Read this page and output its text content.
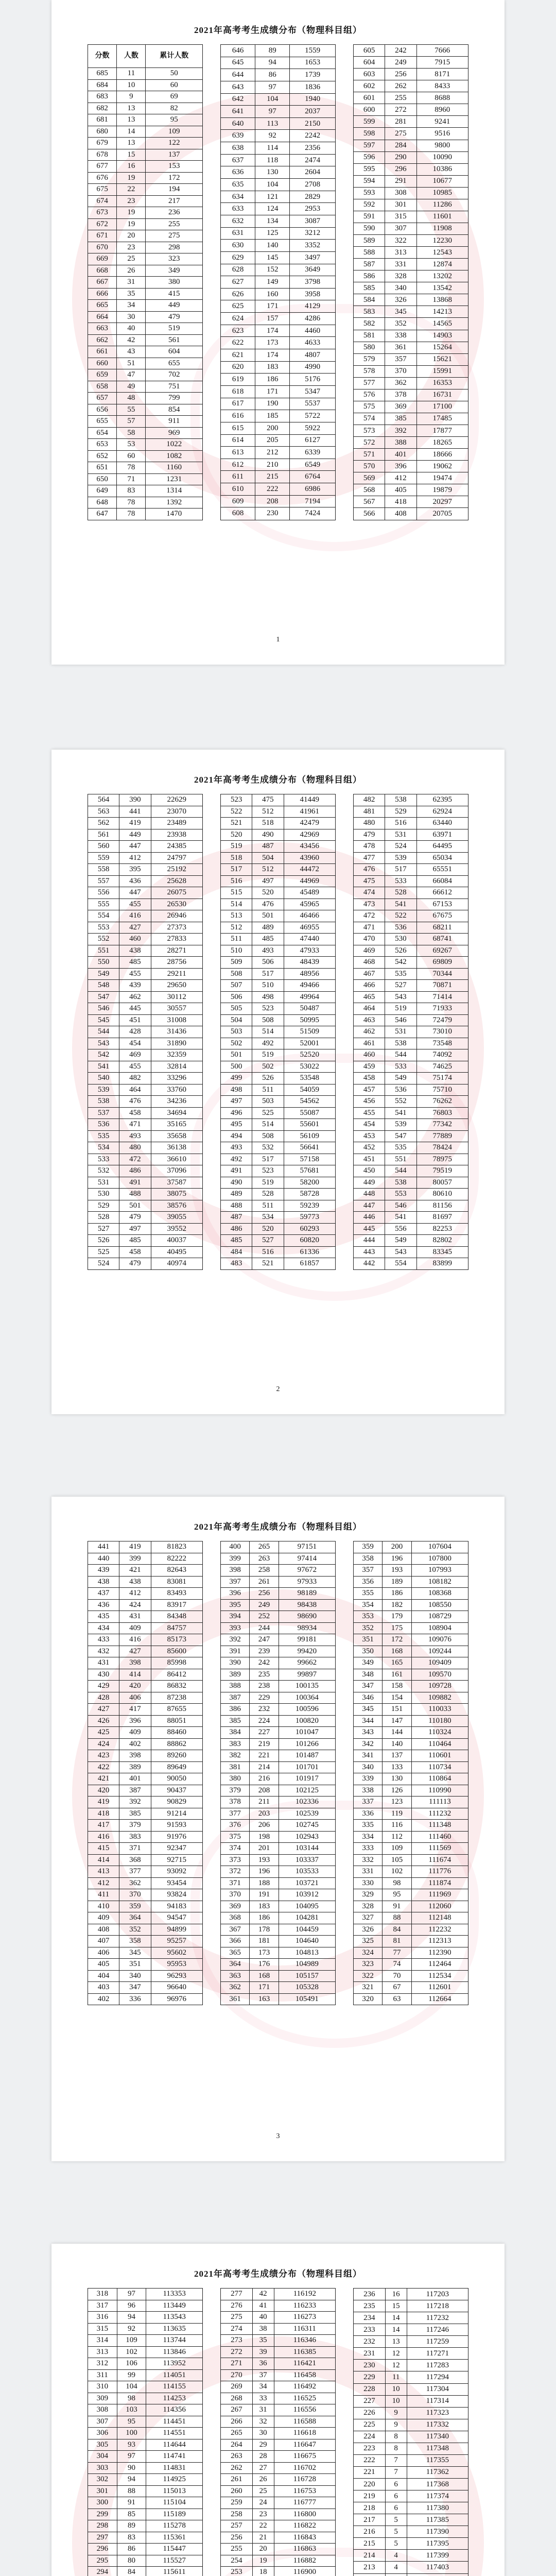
2021年高考考生成绩分布（物理科目组）
分数	人数	累计人数
685	11	50
684	10	60
683	9	69
682	13	82
681	13	95
680	14	109
679	13	122
678	15	137
677	16	153
676	19	172
675	22	194
674	23	217
673	19	236
672	19	255
671	20	275
670	23	298
669	25	323
668	26	349
667	31	380
666	35	415
665	34	449
664	30	479
663	40	519
662	42	561
661	43	604
660	51	655
659	47	702
658	49	751
657	48	799
656	55	854
655	57	911
654	58	969
653	53	1022
652	60	1082
651	78	1160
650	71	1231
649	83	1314
648	78	1392
647	78	1470
646	89	1559
645	94	1653
644	86	1739
643	97	1836
642	104	1940
641	97	2037
640	113	2150
639	92	2242
638	114	2356
637	118	2474
636	130	2604
635	104	2708
634	121	2829
633	124	2953
632	134	3087
631	125	3212
630	140	3352
629	145	3497
628	152	3649
627	149	3798
626	160	3958
625	171	4129
624	157	4286
623	174	4460
622	173	4633
621	174	4807
620	183	4990
619	186	5176
618	171	5347
617	190	5537
616	185	5722
615	200	5922
614	205	6127
613	212	6339
612	210	6549
611	215	6764
610	222	6986
609	208	7194
608	230	7424
605	242	7666
604	249	7915
603	256	8171
602	262	8433
601	255	8688
600	272	8960
599	281	9241
598	275	9516
597	284	9800
596	290	10090
595	296	10386
594	291	10677
593	308	10985
592	301	11286
591	315	11601
590	307	11908
589	322	12230
588	313	12543
587	331	12874
586	328	13202
585	340	13542
584	326	13868
583	345	14213
582	352	14565
581	338	14903
580	361	15264
579	357	15621
578	370	15991
577	362	16353
576	378	16731
575	369	17100
574	385	17485
573	392	17877
572	388	18265
571	401	18666
570	396	19062
569	412	19474
568	405	19879
567	418	20297
566	408	20705
1
2021年高考考生成绩分布（物理科目组）
564	390	22629
563	441	23070
562	419	23489
561	449	23938
560	447	24385
559	412	24797
558	395	25192
557	436	25628
556	447	26075
555	455	26530
554	416	26946
553	427	27373
552	460	27833
551	438	28271
550	485	28756
549	455	29211
548	439	29650
547	462	30112
546	445	30557
545	451	31008
544	428	31436
543	454	31890
542	469	32359
541	455	32814
540	482	33296
539	464	33760
538	476	34236
537	458	34694
536	471	35165
535	493	35658
534	480	36138
533	472	36610
532	486	37096
531	491	37587
530	488	38075
529	501	38576
528	479	39055
527	497	39552
526	485	40037
525	458	40495
524	479	40974
523	475	41449
522	512	41961
521	518	42479
520	490	42969
519	487	43456
518	504	43960
517	512	44472
516	497	44969
515	520	45489
514	476	45965
513	501	46466
512	489	46955
511	485	47440
510	493	47933
509	506	48439
508	517	48956
507	510	49466
506	498	49964
505	523	50487
504	508	50995
503	514	51509
502	492	52001
501	519	52520
500	502	53022
499	526	53548
498	511	54059
497	503	54562
496	525	55087
495	514	55601
494	508	56109
493	532	56641
492	517	57158
491	523	57681
490	519	58200
489	528	58728
488	511	59239
487	534	59773
486	520	60293
485	527	60820
484	516	61336
483	521	61857
482	538	62395
481	529	62924
480	516	63440
479	531	63971
478	524	64495
477	539	65034
476	517	65551
475	533	66084
474	528	66612
473	541	67153
472	522	67675
471	536	68211
470	530	68741
469	526	69267
468	542	69809
467	535	70344
466	527	70871
465	543	71414
464	519	71933
463	546	72479
462	531	73010
461	538	73548
460	544	74092
459	533	74625
458	549	75174
457	536	75710
456	552	76262
455	541	76803
454	539	77342
453	547	77889
452	535	78424
451	551	78975
450	544	79519
449	538	80057
448	553	80610
447	546	81156
446	541	81697
445	556	82253
444	549	82802
443	543	83345
442	554	83899
2
2021年高考考生成绩分布（物理科目组）
441	419	81823
440	399	82222
439	421	82643
438	438	83081
437	412	83493
436	424	83917
435	431	84348
434	409	84757
433	416	85173
432	427	85600
431	398	85998
430	414	86412
429	420	86832
428	406	87238
427	417	87655
426	396	88051
425	409	88460
424	402	88862
423	398	89260
422	389	89649
421	401	90050
420	387	90437
419	392	90829
418	385	91214
417	379	91593
416	383	91976
415	371	92347
414	368	92715
413	377	93092
412	362	93454
411	370	93824
410	359	94183
409	364	94547
408	352	94899
407	358	95257
406	345	95602
405	351	95953
404	340	96293
403	347	96640
402	336	96976
400	265	97151
399	263	97414
398	258	97672
397	261	97933
396	256	98189
395	249	98438
394	252	98690
393	244	98934
392	247	99181
391	239	99420
390	242	99662
389	235	99897
388	238	100135
387	229	100364
386	232	100596
385	224	100820
384	227	101047
383	219	101266
382	221	101487
381	214	101701
380	216	101917
379	208	102125
378	211	102336
377	203	102539
376	206	102745
375	198	102943
374	201	103144
373	193	103337
372	196	103533
371	188	103721
370	191	103912
369	183	104095
368	186	104281
367	178	104459
366	181	104640
365	173	104813
364	176	104989
363	168	105157
362	171	105328
361	163	105491
359	200	107604
358	196	107800
357	193	107993
356	189	108182
355	186	108368
354	182	108550
353	179	108729
352	175	108904
351	172	109076
350	168	109244
349	165	109409
348	161	109570
347	158	109728
346	154	109882
345	151	110033
344	147	110180
343	144	110324
342	140	110464
341	137	110601
340	133	110734
339	130	110864
338	126	110990
337	123	111113
336	119	111232
335	116	111348
334	112	111460
333	109	111569
332	105	111674
331	102	111776
330	98	111874
329	95	111969
328	91	112060
327	88	112148
326	84	112232
325	81	112313
324	77	112390
323	74	112464
322	70	112534
321	67	112601
320	63	112664
3
2021年高考考生成绩分布（物理科目组）
318	97	113353
317	96	113449
316	94	113543
315	92	113635
314	109	113744
313	102	113846
312	106	113952
311	99	114051
310	104	114155
309	98	114253
308	103	114356
307	95	114451
306	100	114551
305	93	114644
304	97	114741
303	90	114831
302	94	114925
301	88	115013
300	91	115104
299	85	115189
298	89	115278
297	83	115361
296	86	115447
295	80	115527
294	84	115611

277	42	116192
276	41	116233
275	40	116273
274	38	116311
273	35	116346
272	39	116385
271	36	116421
270	37	116458
269	34	116492
268	33	116525
267	31	116556
266	32	116588
265	30	116618
264	29	116647
263	28	116675
262	27	116702
261	26	116728
260	25	116753
259	24	116777
258	23	116800
257	22	116822
256	21	116843
255	20	116863
254	19	116882
253	18	116900

236	16	117203
235	15	117218
234	14	117232
233	14	117246
232	13	117259
231	12	117271
230	12	117283
229	11	117294
228	10	117304
227	10	117314
226	9	117323
225	9	117332
224	8	117340
223	8	117348
222	7	117355
221	7	117362
220	6	117368
219	6	117374
218	6	117380
217	5	117385
216	5	117390
215	5	117395
214	4	117399
213	4	117403
